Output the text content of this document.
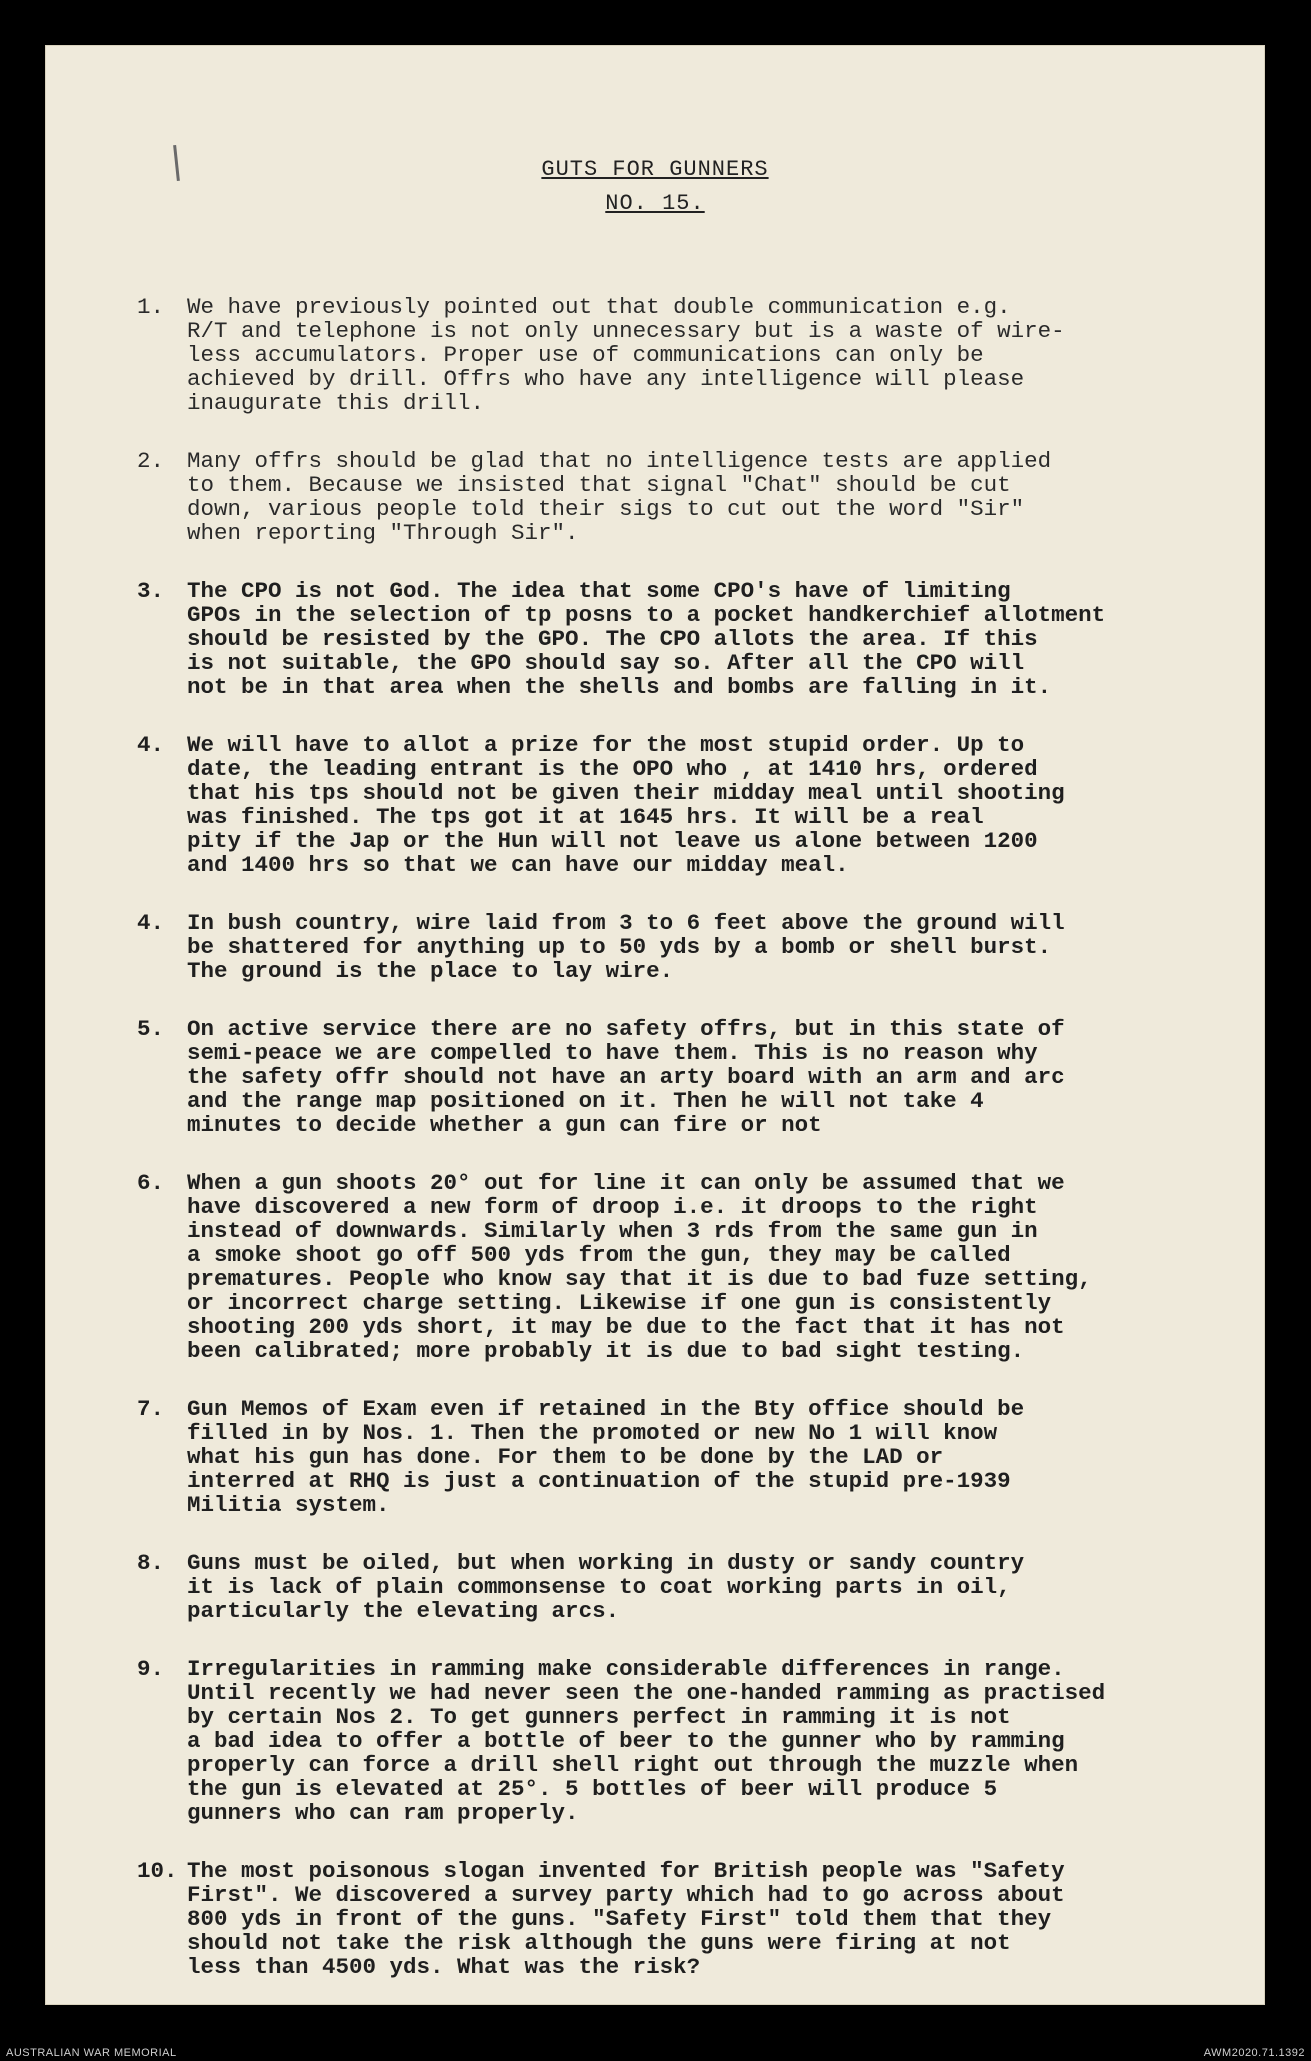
GUTS FOR GUNNERS
NO. 15.
1.	We have previously pointed out that double communication e.g.
R/T and telephone is not only unnecessary but is a waste of wire-
less accumulators. Proper use of communications can only be
achieved by drill. Offrs who have any intelligence will please
inaugurate this drill.
2.	Many offrs should be glad that no intelligence tests are applied
to them. Because we insisted that signal "Chat" should be cut
down, various people told their sigs to cut out the word "Sir"
when reporting "Through Sir".
3.	The CPO is not God. The idea that some CPO's have of limiting
GPOs in the selection of tp posns to a pocket handkerchief allotment
should be resisted by the GPO. The CPO allots the area. If this
is not suitable, the GPO should say so. After all the CPO will
not be in that area when the shells and bombs are falling in it.
4.	We will have to allot a prize for the most stupid order. Up to
date, the leading entrant is the OPO who , at 1410 hrs, ordered
that his tps should not be given their midday meal until shooting
was finished. The tps got it at 1645 hrs. It will be a real
pity if the Jap or the Hun will not leave us alone between 1200
and 1400 hrs so that we can have our midday meal.
4.	In bush country, wire laid from 3 to 6 feet above the ground will
be shattered for anything up to 50 yds by a bomb or shell burst.
The ground is the place to lay wire.
5.	On active service there are no safety offrs, but in this state of
semi-peace we are compelled to have them. This is no reason why
the safety offr should not have an arty board with an arm and arc
and the range map positioned on it. Then he will not take 4
minutes to decide whether a gun can fire or not
6.	When a gun shoots 20° out for line it can only be assumed that we
have discovered a new form of droop i.e. it droops to the right
instead of downwards. Similarly when 3 rds from the same gun in
a smoke shoot go off 500 yds from the gun, they may be called
prematures. People who know say that it is due to bad fuze setting,
or incorrect charge setting. Likewise if one gun is consistently
shooting 200 yds short, it may be due to the fact that it has not
been calibrated; more probably it is due to bad sight testing.
7.	Gun Memos of Exam even if retained in the Bty office should be
filled in by Nos. 1. Then the promoted or new No 1 will know
what his gun has done. For them to be done by the LAD or
interred at RHQ is just a continuation of the stupid pre-1939
Militia system.
8.	Guns must be oiled, but when working in dusty or sandy country
it is lack of plain commonsense to coat working parts in oil,
particularly the elevating arcs.
9.	Irregularities in ramming make considerable differences in range.
Until recently we had never seen the one-handed ramming as practised
by certain Nos 2. To get gunners perfect in ramming it is not
a bad idea to offer a bottle of beer to the gunner who by ramming
properly can force a drill shell right out through the muzzle when
the gun is elevated at 25°. 5 bottles of beer will produce 5
gunners who can ram properly.
10. The most poisonous slogan invented for British people was "Safety
First". We discovered a survey party which had to go across about
800 yds in front of the guns. "Safety First" told them that they
should not take the risk although the guns were firing at not
less than 4500 yds. What was the risk?
AUSTRALIAN WAR MEMORIAL	AWM2020.71.1392
